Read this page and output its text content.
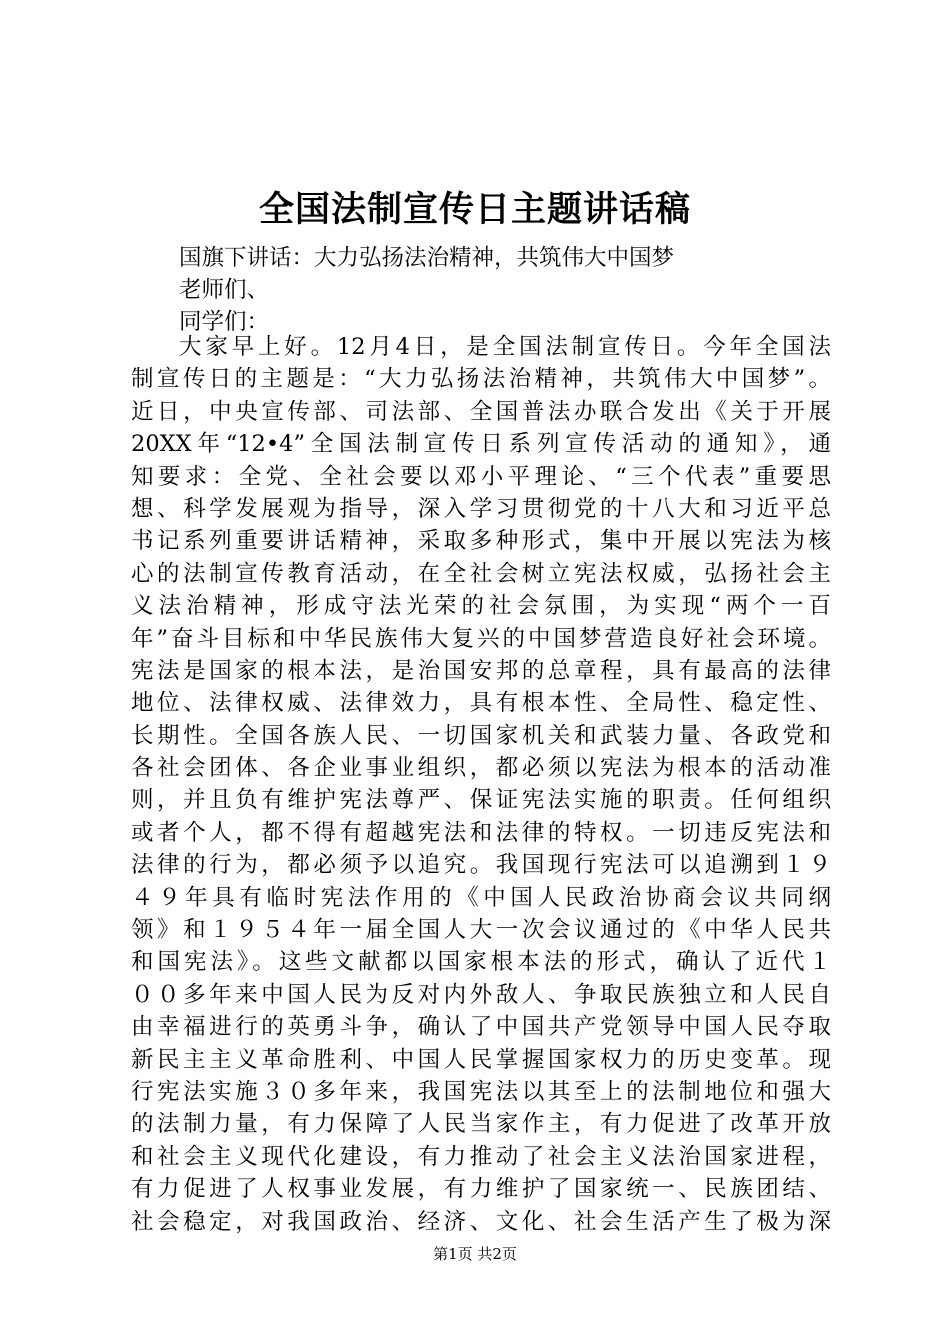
全国法制宣传日主题讲话稿
国旗下讲话：大力弘扬法治精神，共筑伟大中国梦
老师们、
同学们：
大家早上好。12月4日，是全国法制宣传日。今年全国法
制宣传日的主题是：“大力弘扬法治精神，共筑伟大中国梦”。
近日，中央宣传部、司法部、全国普法办联合发出《关于开展
20XX年“12•4”全国法制宣传日系列宣传活动的通知》，通
知要求：全党、全社会要以邓小平理论、“三个代表”重要思
想、科学发展观为指导，深入学习贯彻党的十八大和习近平总
书记系列重要讲话精神，采取多种形式，集中开展以宪法为核
心的法制宣传教育活动，在全社会树立宪法权威，弘扬社会主
义法治精神，形成守法光荣的社会氛围，为实现“两个一百
年”奋斗目标和中华民族伟大复兴的中国梦营造良好社会环境。
宪法是国家的根本法，是治国安邦的总章程，具有最高的法律
地位、法律权威、法律效力，具有根本性、全局性、稳定性、
长期性。全国各族人民、一切国家机关和武装力量、各政党和
各社会团体、各企业事业组织，都必须以宪法为根本的活动准
则，并且负有维护宪法尊严、保证宪法实施的职责。任何组织
或者个人，都不得有超越宪法和法律的特权。一切违反宪法和
法律的行为，都必须予以追究。我国现行宪法可以追溯到１９
４９年具有临时宪法作用的《中国人民政治协商会议共同纲
领》和１９５４年一届全国人大一次会议通过的《中华人民共
和国宪法》。这些文献都以国家根本法的形式，确认了近代１
００多年来中国人民为反对内外敌人、争取民族独立和人民自
由幸福进行的英勇斗争，确认了中国共产党领导中国人民夺取
新民主主义革命胜利、中国人民掌握国家权力的历史变革。现
行宪法实施３０多年来，我国宪法以其至上的法制地位和强大
的法制力量，有力保障了人民当家作主，有力促进了改革开放
和社会主义现代化建设，有力推动了社会主义法治国家进程，
有力促进了人权事业发展，有力维护了国家统一、民族团结、
社会稳定，对我国政治、经济、文化、社会生活产生了极为深
第1页 共2页
